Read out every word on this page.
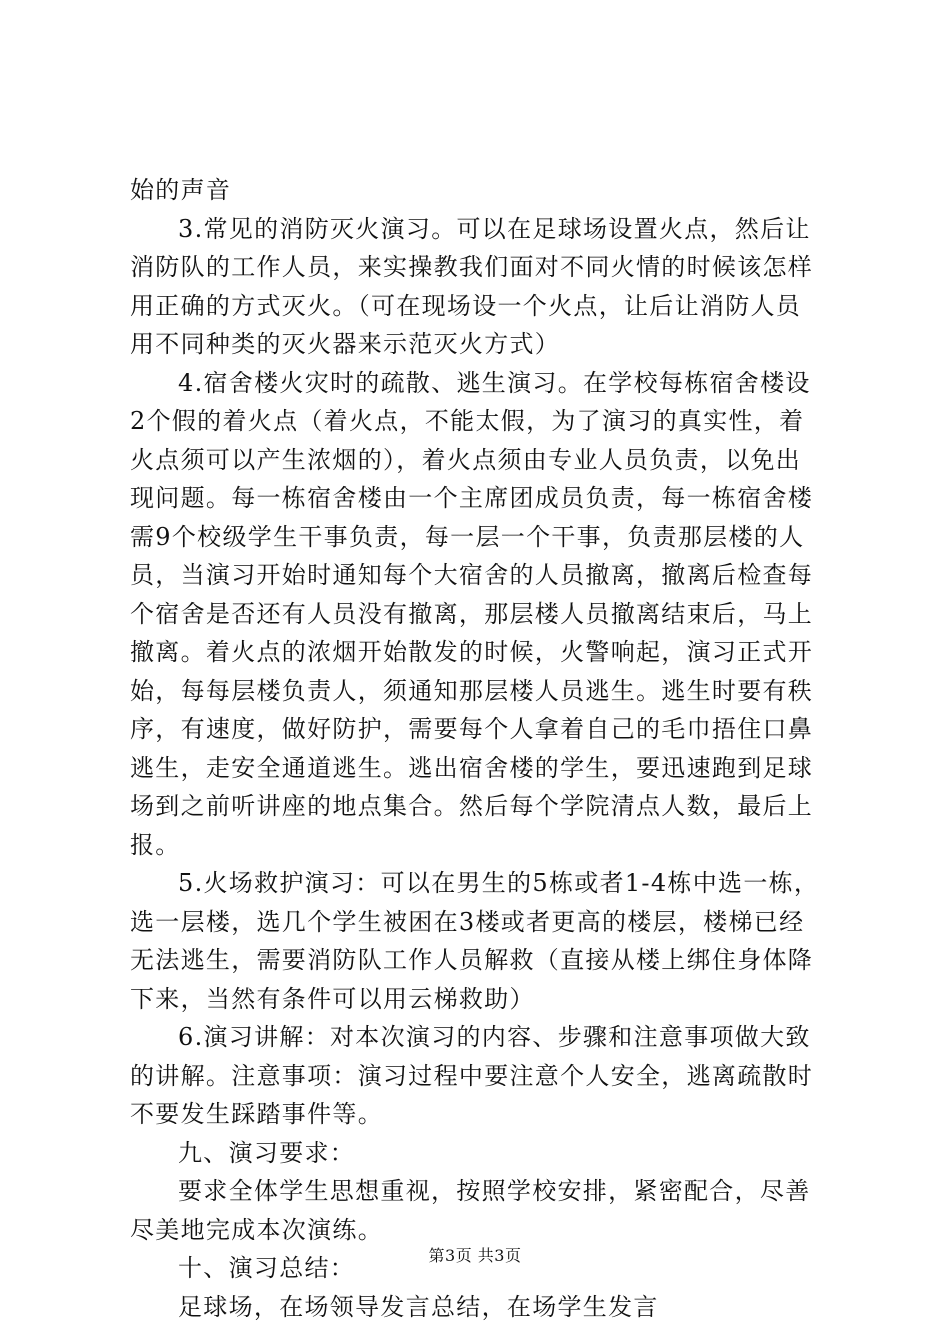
始的声音
3.常见的消防灭火演习。可以在足球场设置火点，然后让
消防队的工作人员，来实操教我们面对不同火情的时候该怎样
用正确的方式灭火。（可在现场设一个火点，让后让消防人员
用不同种类的灭火器来示范灭火方式）
4.宿舍楼火灾时的疏散、逃生演习。在学校每栋宿舍楼设
2个假的着火点（着火点，不能太假，为了演习的真实性，着
火点须可以产生浓烟的），着火点须由专业人员负责，以免出
现问题。每一栋宿舍楼由一个主席团成员负责，每一栋宿舍楼
需9个校级学生干事负责，每一层一个干事，负责那层楼的人
员，当演习开始时通知每个大宿舍的人员撤离，撤离后检查每
个宿舍是否还有人员没有撤离，那层楼人员撤离结束后，马上
撤离。着火点的浓烟开始散发的时候，火警响起，演习正式开
始，每每层楼负责人，须通知那层楼人员逃生。逃生时要有秩
序，有速度，做好防护，需要每个人拿着自己的毛巾捂住口鼻
逃生，走安全通道逃生。逃出宿舍楼的学生，要迅速跑到足球
场到之前听讲座的地点集合。然后每个学院清点人数，最后上
报。
5.火场救护演习：可以在男生的5栋或者1-4栋中选一栋，
选一层楼，选几个学生被困在3楼或者更高的楼层，楼梯已经
无法逃生，需要消防队工作人员解救（直接从楼上绑住身体降
下来，当然有条件可以用云梯救助）
6.演习讲解：对本次演习的内容、步骤和注意事项做大致
的讲解。注意事项：演习过程中要注意个人安全，逃离疏散时
不要发生踩踏事件等。
九、演习要求：
要求全体学生思想重视，按照学校安排，紧密配合，尽善
尽美地完成本次演练。
十、演习总结：
足球场，在场领导发言总结，在场学生发言
第3页 共3页
